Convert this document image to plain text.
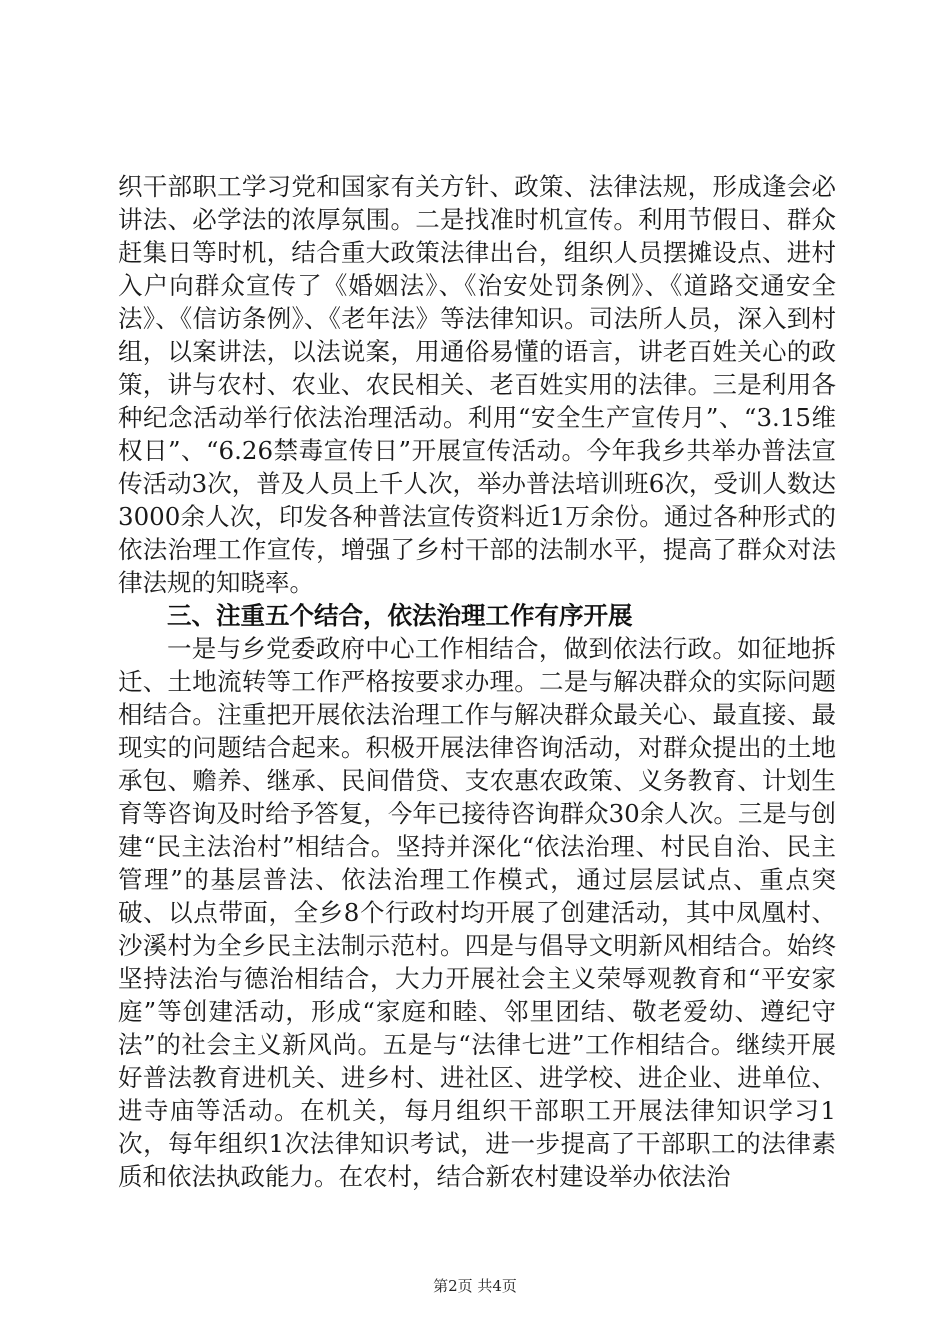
织干部职工学习党和国家有关方针、政策、法律法规，形成逢会必讲法、必学法的浓厚氛围。二是找准时机宣传。利用节假日、群众赶集日等时机，结合重大政策法律出台，组织人员摆摊设点、进村入户向群众宣传了《婚姻法》、《治安处罚条例》、《道路交通安全法》、《信访条例》、《老年法》等法律知识。司法所人员，深入到村组，以案讲法，以法说案，用通俗易懂的语言，讲老百姓关心的政策，讲与农村、农业、农民相关、老百姓实用的法律。三是利用各种纪念活动举行依法治理活动。利用“安全生产宣传月”、“3.15维权日”、“6.26禁毒宣传日”开展宣传活动。今年我乡共举办普法宣传活动3次，普及人员上千人次，举办普法培训班6次，受训人数达3000余人次，印发各种普法宣传资料近1万余份。通过各种形式的依法治理工作宣传，增强了乡村干部的法制水平，提高了群众对法律法规的知晓率。

三、注重五个结合，依法治理工作有序开展

一是与乡党委政府中心工作相结合，做到依法行政。如征地拆迁、土地流转等工作严格按要求办理。二是与解决群众的实际问题相结合。注重把开展依法治理工作与解决群众最关心、最直接、最现实的问题结合起来。积极开展法律咨询活动，对群众提出的土地承包、赡养、继承、民间借贷、支农惠农政策、义务教育、计划生育等咨询及时给予答复，今年已接待咨询群众30余人次。三是与创建“民主法治村”相结合。坚持并深化“依法治理、村民自治、民主管理”的基层普法、依法治理工作模式，通过层层试点、重点突破、以点带面，全乡8个行政村均开展了创建活动，其中凤凰村、沙溪村为全乡民主法制示范村。四是与倡导文明新风相结合。始终坚持法治与德治相结合，大力开展社会主义荣辱观教育和“平安家庭”等创建活动，形成“家庭和睦、邻里团结、敬老爱幼、遵纪守法”的社会主义新风尚。五是与“法律七进”工作相结合。继续开展好普法教育进机关、进乡村、进社区、进学校、进企业、进单位、进寺庙等活动。在机关，每月组织干部职工开展法律知识学习1次，每年组织1次法律知识考试，进一步提高了干部职工的法律素质和依法执政能力。在农村，结合新农村建设举办依法治

第2页 共4页
